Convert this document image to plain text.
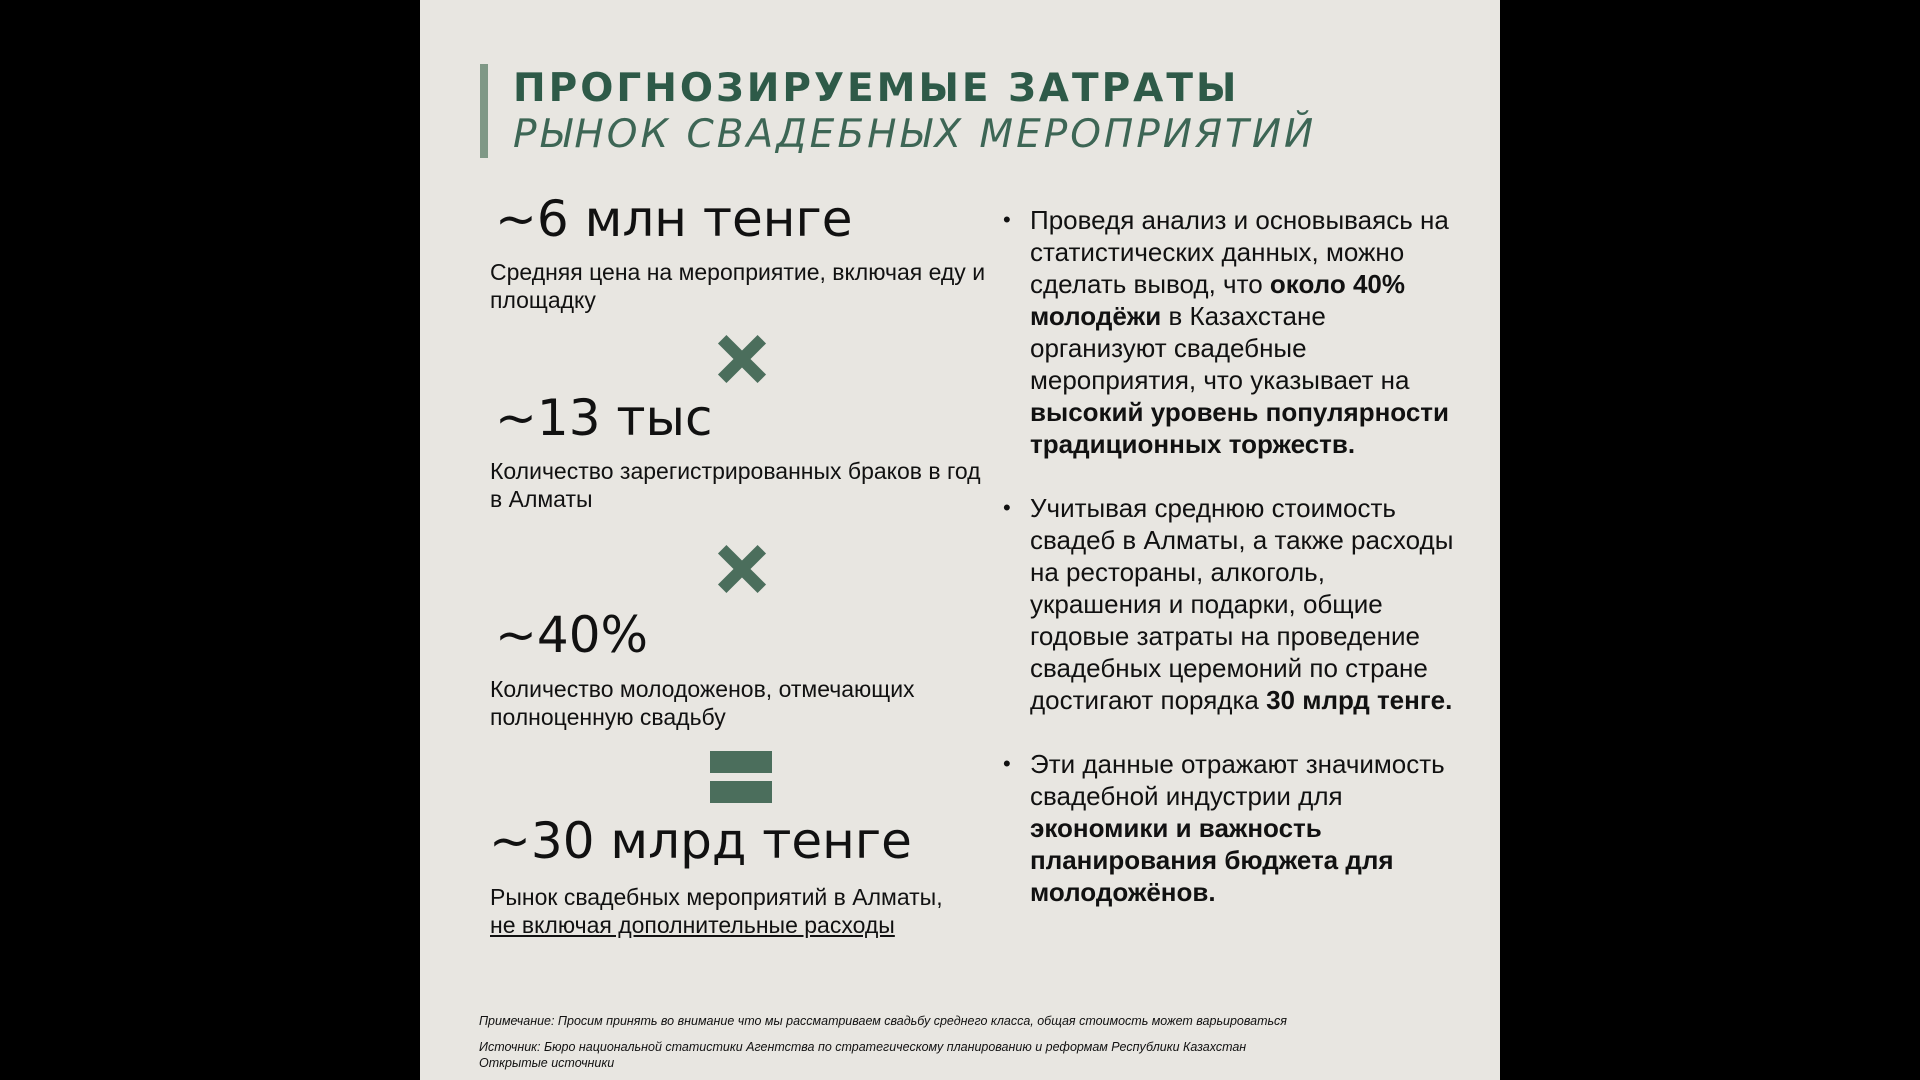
ПРОГНОЗИРУЕМЫЕ ЗАТРАТЫ
РЫНОК СВАДЕБНЫХ МЕРОПРИЯТИЙ
~6 млн тенге
Средняя цена на мероприятие, включая еду и площадку
~13 тыс
Количество зарегистрированных браков в год в Алматы
~40%
Количество молодоженов, отмечающих полноценную свадьбу
~30 млрд тенге
Рынок свадебных мероприятий в Алматы,
не включая дополнительные расходы
• Проведя анализ и основываясь на статистических данных, можно сделать вывод, что около 40% молодёжи в Казахстане организуют свадебные мероприятия, что указывает на высокий уровень популярности традиционных торжеств.
• Учитывая среднюю стоимость свадеб в Алматы, а также расходы на рестораны, алкоголь, украшения и подарки, общие годовые затраты на проведение свадебных церемоний по стране достигают порядка 30 млрд тенге.
• Эти данные отражают значимость свадебной индустрии для экономики и важность планирования бюджета для молодожёнов.
Примечание: Просим принять во внимание что мы рассматриваем свадьбу среднего класса, общая стоимость может варьироваться
Источник: Бюро национальной статистики Агентства по стратегическому планированию и реформам Республики Казахстан
Открытые источники
